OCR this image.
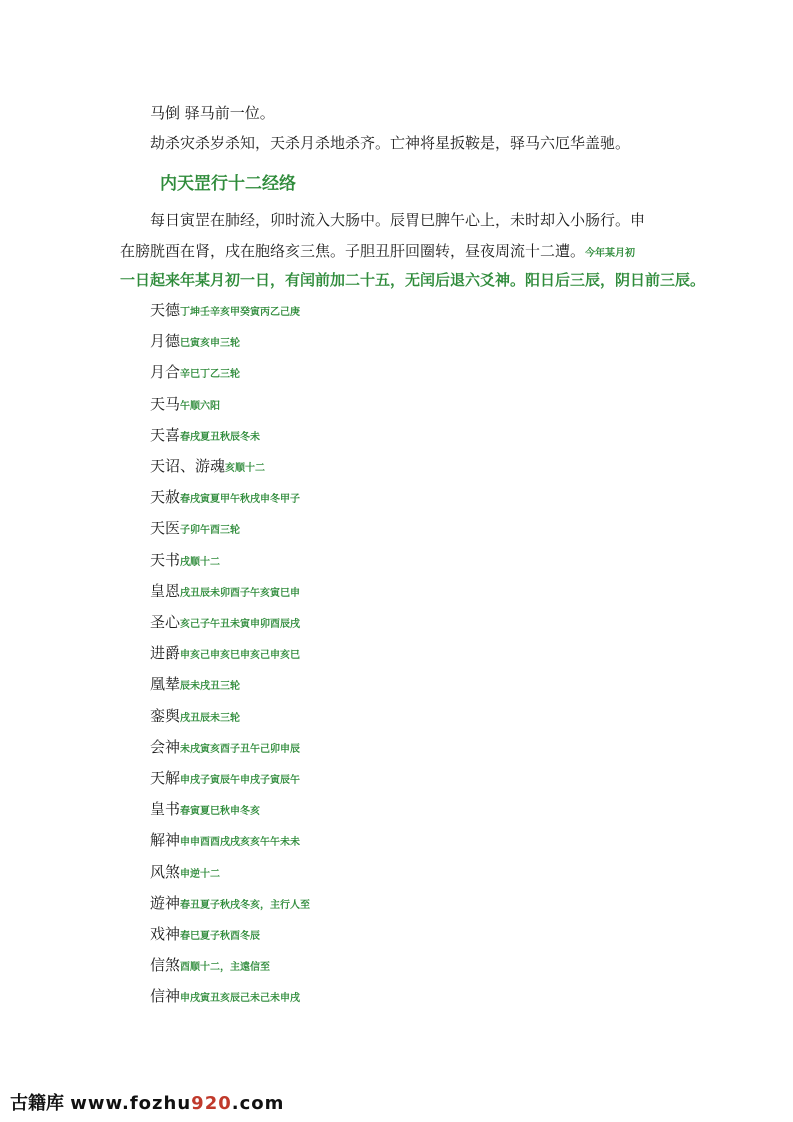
马倒 驿马前一位。
劫杀灾杀岁杀知，天杀月杀地杀齐。亡神将星扳鞍是，驿马六厄华盖驰。
内天罡行十二经络
每日寅罡在肺经，卯时流入大肠中。辰胃巳脾午心上，未时却入小肠行。申
在膀胱酉在肾，戌在胞络亥三焦。子胆丑肝回圈转，昼夜周流十二遭。今年某月初
一日起来年某月初一日，有闰前加二十五，无闰后退六爻神。阳日后三辰，阴日前三辰。
天德丁坤壬辛亥甲癸寅丙乙己庚
月德巳寅亥申三轮
月合辛巳丁乙三轮
天马午顺六阳
天喜春戌夏丑秋辰冬未
天诏、游魂亥顺十二
天赦春戌寅夏甲午秋戌申冬甲子
天医子卯午酉三轮
天书戌顺十二
皇恩戌丑辰未卯酉子午亥寅巳申
圣心亥己子午丑未寅申卯酉辰戌
进爵申亥己申亥巳申亥己申亥巳
凰辇辰未戌丑三轮
銮舆戌丑辰未三轮
会神未戌寅亥酉子丑午己卯申辰
天解申戌子寅辰午申戌子寅辰午
皇书春寅夏巳秋申冬亥
解神申申酉酉戌戌亥亥午午未未
风煞申逆十二
遊神春丑夏子秋戌冬亥，主行人至
戏神春巳夏子秋酉冬辰
信煞酉顺十二，主遠信至
信神申戌寅丑亥辰己未己未申戌
古籍库 www.fozhu920.com
